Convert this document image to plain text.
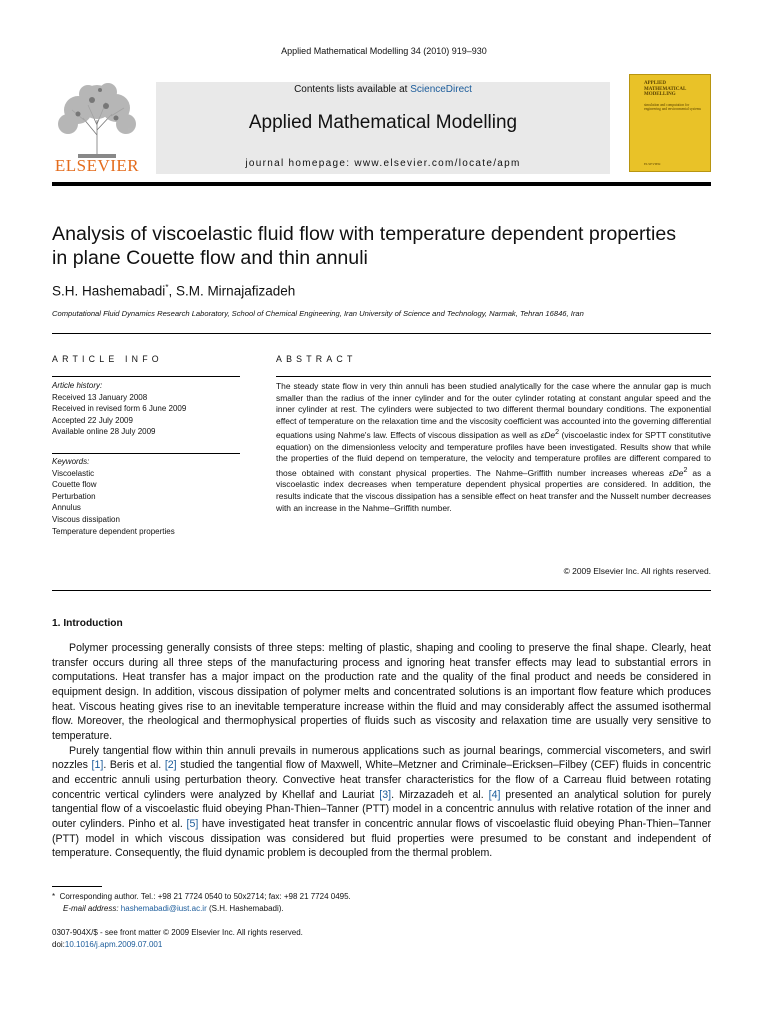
Applied Mathematical Modelling 34 (2010) 919–930
ELSEVIER
Contents lists available at ScienceDirect
Applied Mathematical Modelling
journal homepage: www.elsevier.com/locate/apm
APPLIED MATHEMATICAL MODELLING
simulation and computation for engineering and environmental systems
ELSEVIER
Analysis of viscoelastic fluid flow with temperature dependent properties
in plane Couette flow and thin annuli
S.H. Hashemabadi*, S.M. Mirnajafizadeh
Computational Fluid Dynamics Research Laboratory, School of Chemical Engineering, Iran University of Science and Technology, Narmak, Tehran 16846, Iran
ARTICLE INFO	ABSTRACT
Article history:
Received 13 January 2008
Received in revised form 6 June 2009
Accepted 22 July 2009
Available online 28 July 2009
Keywords:
Viscoelastic
Couette flow
Perturbation
Annulus
Viscous dissipation
Temperature dependent properties
The steady state flow in very thin annuli has been studied analytically for the case where the annular gap is much smaller than the radius of the inner cylinder and for the outer cylinder rotating at constant angular speed and the inner cylinder at rest. The cylinders were subjected to two different thermal boundary conditions. The exponential effect of temperature on the relaxation time and the viscosity coefficient was accounted into the governing differential equations using Nahme's law. Effects of viscous dissipation as well as εDe$^2$ (viscoelastic index for SPTT constitutive equation) on the dimensionless velocity and temperature profiles have been investigated. Results show that while the properties of the fluid depend on temperature, the velocity and temperature profiles are different compared to those obtained with constant physical properties. The Nahme–Griffith number increases whereas εDe$^2$ as a viscoelastic index decreases when temperature dependent physical properties are considered. In addition, the results indicate that the viscous dissipation has a sensible effect on heat transfer and the Nusselt number decreases with an increase in the Nahme–Griffith number.
© 2009 Elsevier Inc. All rights reserved.
1. Introduction

Polymer processing generally consists of three steps: melting of plastic, shaping and cooling to preserve the final shape. Clearly, heat transfer occurs during all three steps of the manufacturing process and ignoring heat transfer effects may lead to substantial errors in computations. Heat transfer has a major impact on the production rate and the quality of the final product and needs be considered in equipment design. In addition, viscous dissipation of polymer melts and concentrated solutions is an important flow feature which produces heat. Viscous heating gives rise to an inevitable temperature increase within the fluid and may considerably affect the assumed isothermal flow. Moreover, the rheological and thermophysical properties of fluids such as viscosity and relaxation time are usually very sensitive to temperature.

Purely tangential flow within thin annuli prevails in numerous applications such as journal bearings, commercial viscometers, and swirl nozzles [1]. Beris et al. [2] studied the tangential flow of Maxwell, White–Metzner and Criminale–Ericksen–Filbey (CEF) fluids in concentric and eccentric annuli using perturbation theory. Convective heat transfer characteristics for the flow of a Carreau fluid between rotating concentric vertical cylinders were analyzed by Khellaf and Lauriat [3]. Mirzazadeh et al. [4] presented an analytical solution for purely tangential flow of a viscoelastic fluid obeying Phan-Thien–Tanner (PTT) model in a concentric annulus with relative rotation of the inner and outer cylinders. Pinho et al. [5] have investigated heat transfer in concentric annular flows of viscoelastic fluid obeying Phan-Thien–Tanner (PTT) model in which viscous dissipation was considered but fluid properties were presumed to be constant and independent of temperature. Consequently, the fluid dynamic problem is decoupled from the thermal problem.

* Corresponding author. Tel.: +98 21 7724 0540 to 50x2714; fax: +98 21 7724 0495.
E-mail address: hashemabadi@iust.ac.ir (S.H. Hashemabadi).
0307-904X/$ - see front matter © 2009 Elsevier Inc. All rights reserved.
doi:10.1016/j.apm.2009.07.001
